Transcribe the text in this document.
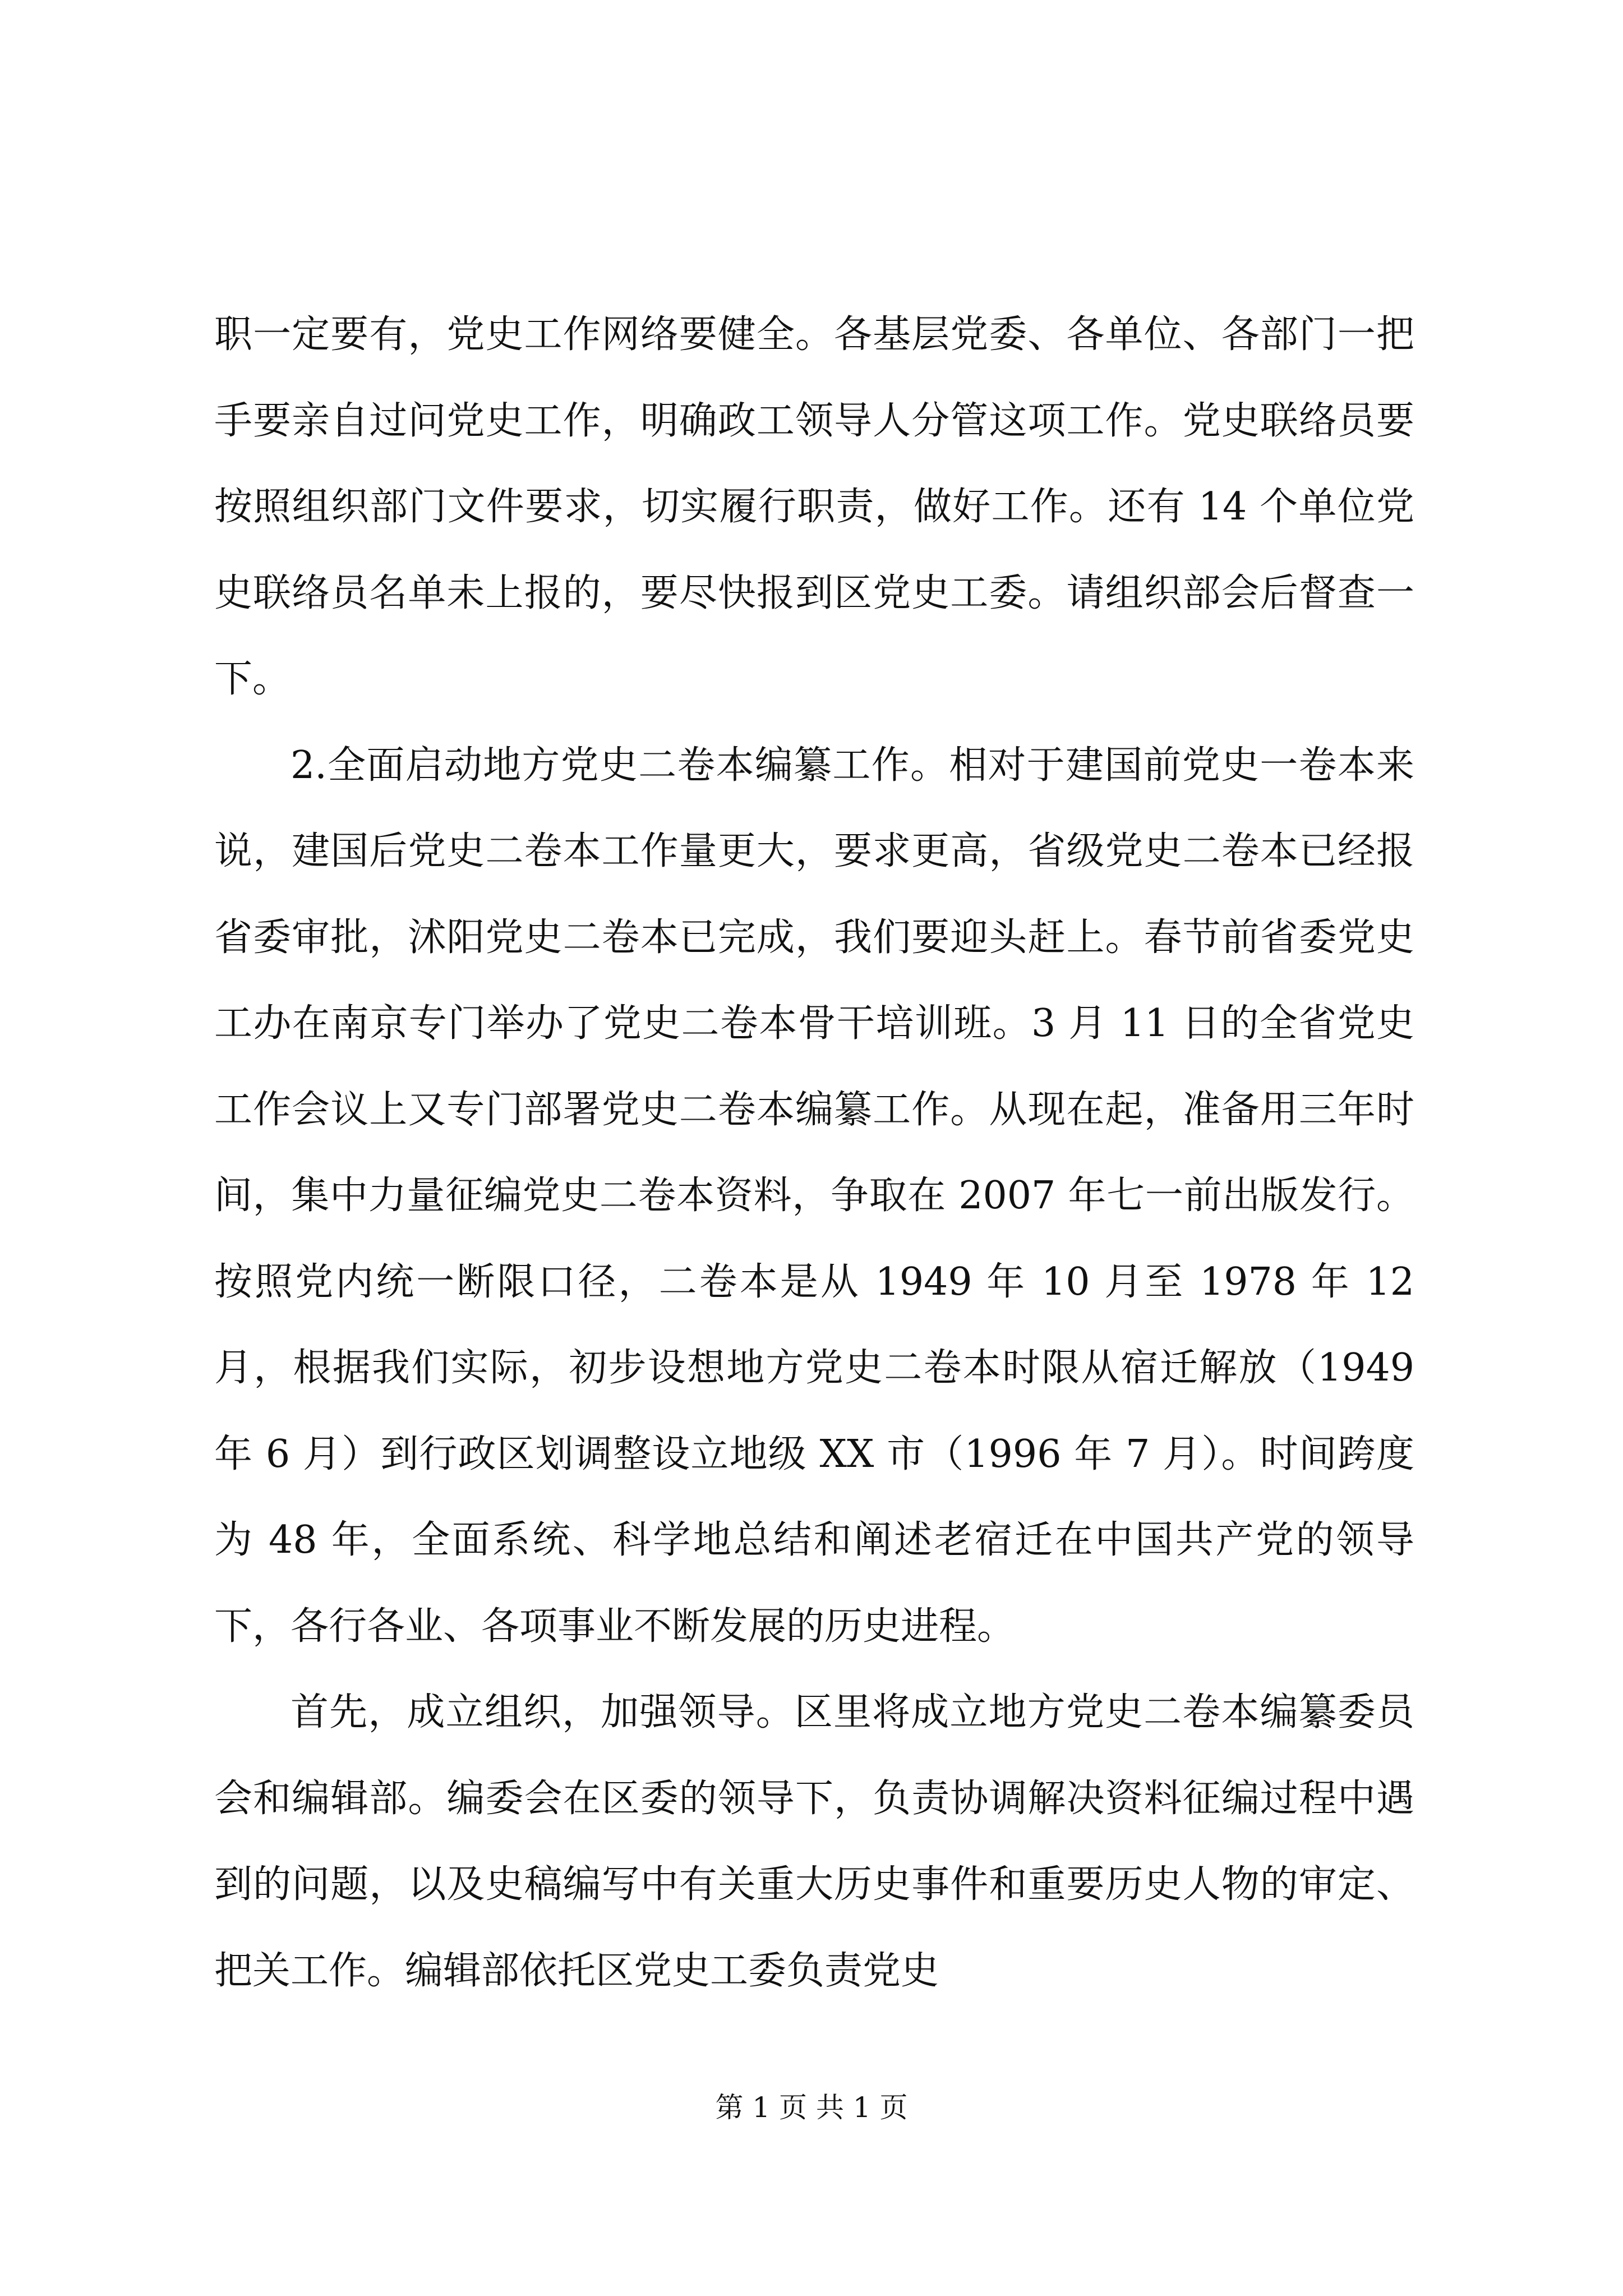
职一定要有，党史工作网络要健全。各基层党委、各单位、各部门一把手要亲自过问党史工作，明确政工领导人分管这项工作。党史联络员要按照组织部门文件要求，切实履行职责，做好工作。还有 14 个单位党史联络员名单未上报的，要尽快报到区党史工委。请组织部会后督查一下。

2.全面启动地方党史二卷本编纂工作。相对于建国前党史一卷本来说，建国后党史二卷本工作量更大，要求更高，省级党史二卷本已经报省委审批，沭阳党史二卷本已完成，我们要迎头赶上。春节前省委党史工办在南京专门举办了党史二卷本骨干培训班。3 月 11 日的全省党史工作会议上又专门部署党史二卷本编纂工作。从现在起，准备用三年时间，集中力量征编党史二卷本资料，争取在 2007 年七一前出版发行。按照党内统一断限口径，二卷本是从 1949 年 10 月至 1978 年 12 月，根据我们实际，初步设想地方党史二卷本时限从宿迁解放（1949 年 6 月）到行政区划调整设立地级 XX 市（1996 年 7 月）。时间跨度为 48 年，全面系统、科学地总结和阐述老宿迁在中国共产党的领导下，各行各业、各项事业不断发展的历史进程。

首先，成立组织，加强领导。区里将成立地方党史二卷本编纂委员会和编辑部。编委会在区委的领导下，负责协调解决资料征编过程中遇到的问题，以及史稿编写中有关重大历史事件和重要历史人物的审定、把关工作。编辑部依托区党史工委负责党史

第 1 页 共 1 页
